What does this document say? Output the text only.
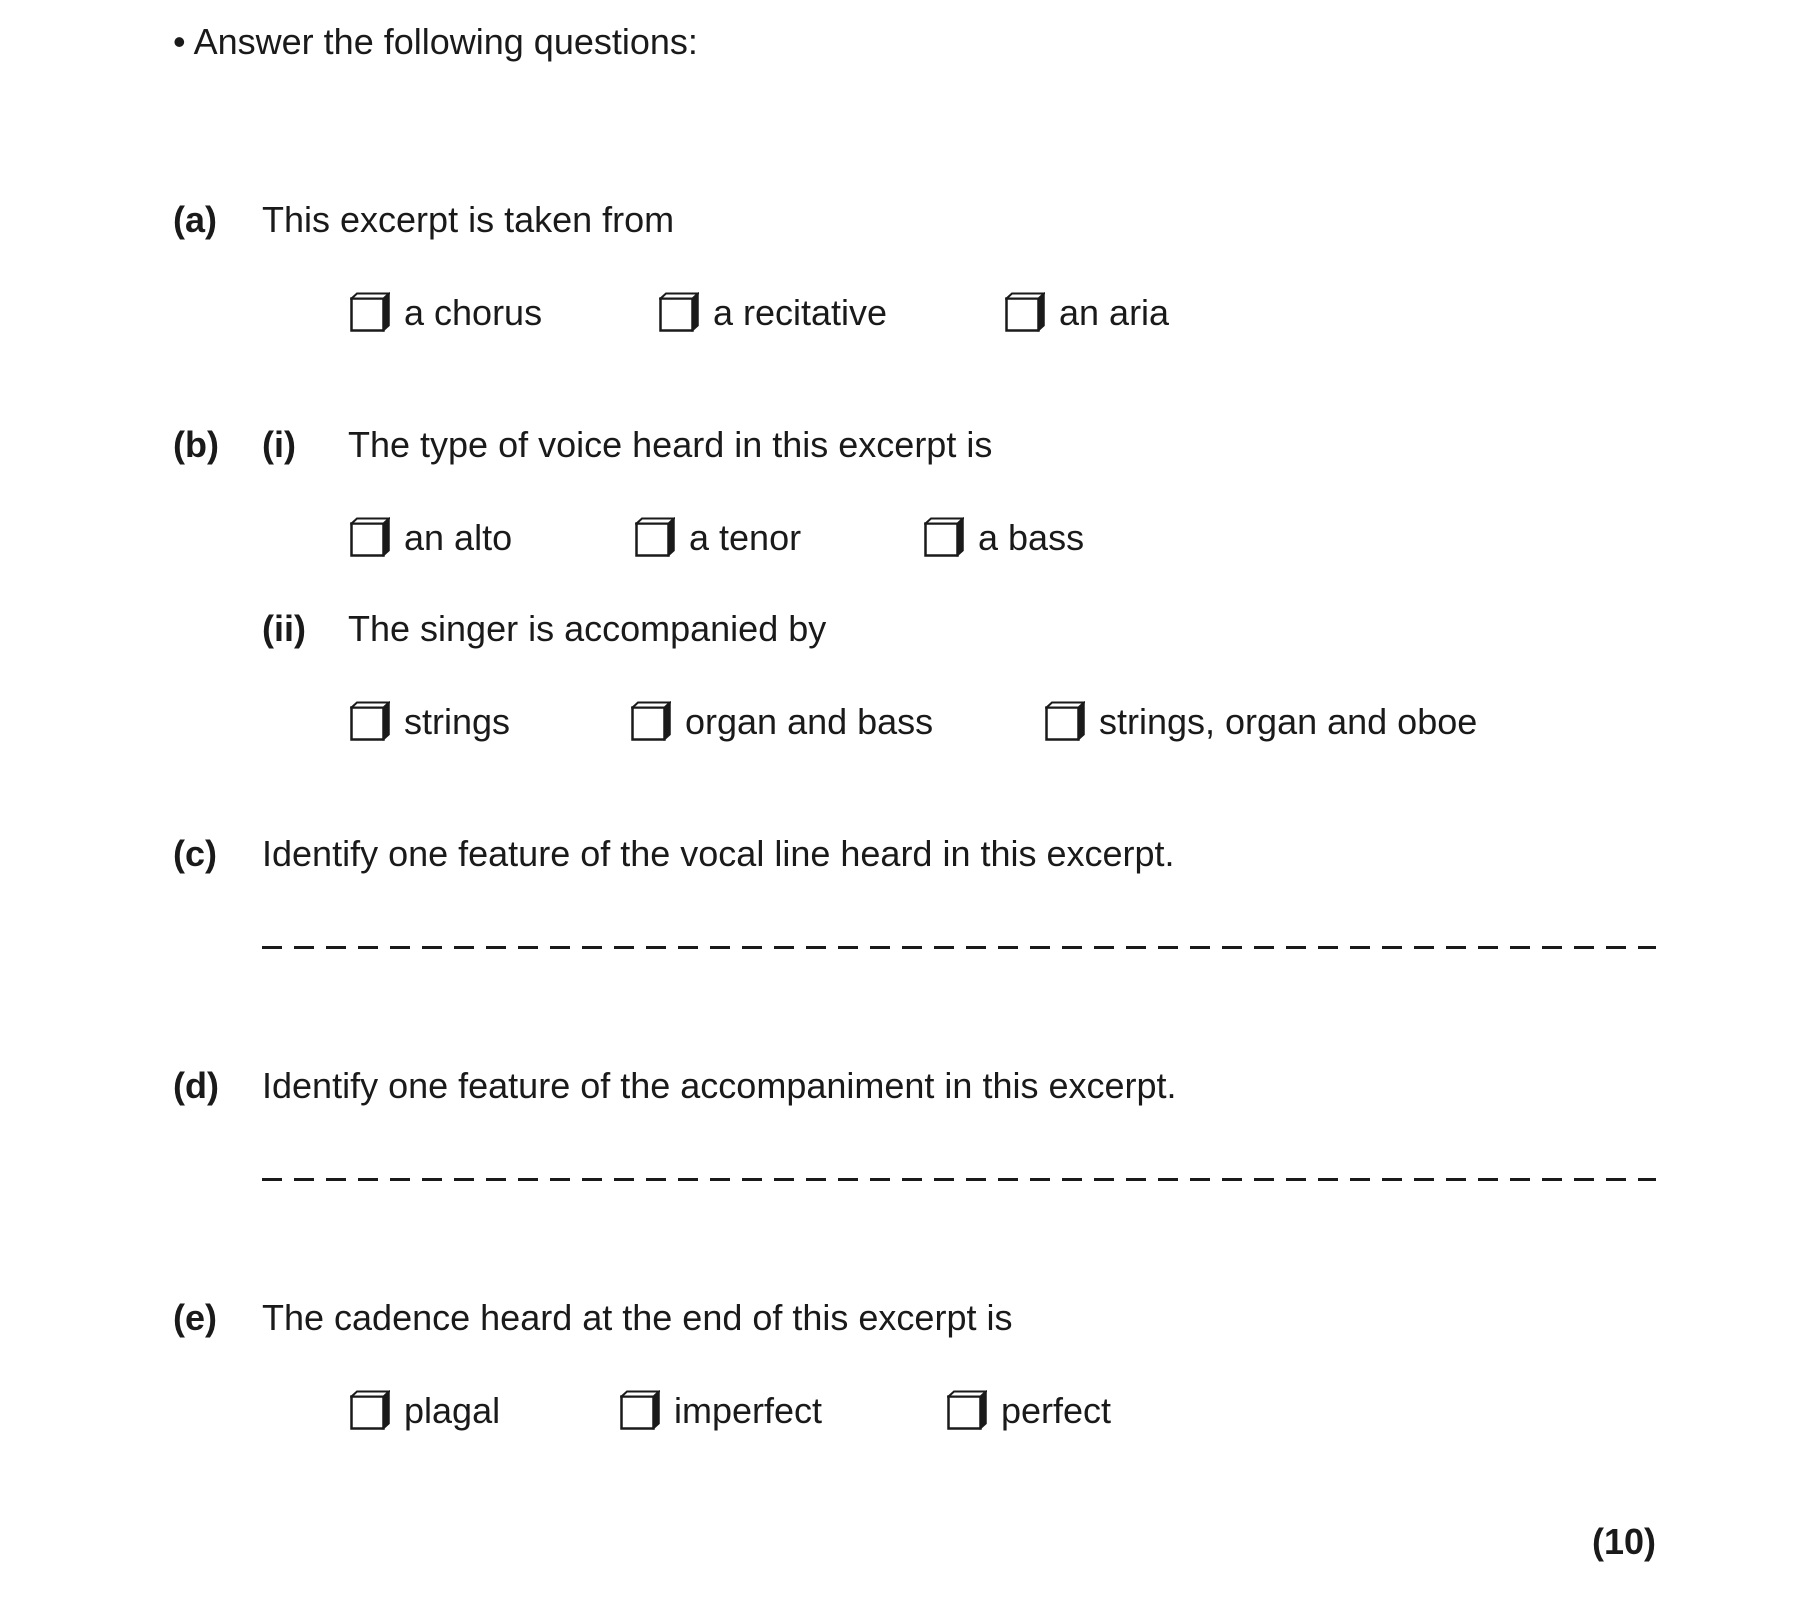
• Answer the following questions:
(a) This excerpt is taken from
a chorus	a recitative	an aria
(b) (i) The type of voice heard in this excerpt is
an alto	a tenor	a bass
(ii) The singer is accompanied by
strings	organ and bass	strings, organ and oboe
(c) Identify one feature of the vocal line heard in this excerpt.
(d) Identify one feature of the accompaniment in this excerpt.
(e) The cadence heard at the end of this excerpt is
plagal	imperfect	perfect
(10)
